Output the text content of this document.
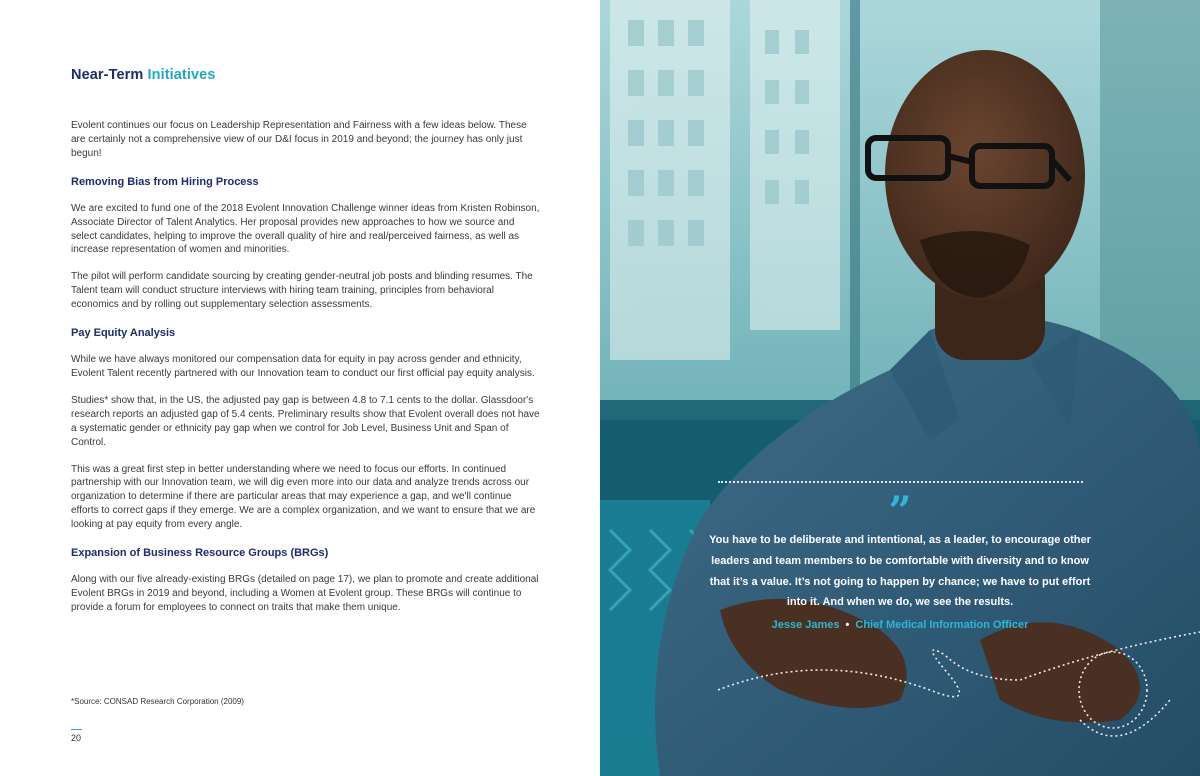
Near-Term Initiatives

Evolent continues our focus on Leadership Representation and Fairness with a few ideas below. These are certainly not a comprehensive view of our D&I focus in 2019 and beyond; the journey has only just begun!

Removing Bias from Hiring Process

We are excited to fund one of the 2018 Evolent Innovation Challenge winner ideas from Kristen Robinson, Associate Director of Talent Analytics. Her proposal provides new approaches to how we source and select candidates, helping to improve the overall quality of hire and real/perceived fairness, as well as increase representation of women and minorities.

The pilot will perform candidate sourcing by creating gender-neutral job posts and blinding resumes. The Talent team will conduct structure interviews with hiring team training, principles from behavioral economics and by rolling out supplementary selection assessments.

Pay Equity Analysis

While we have always monitored our compensation data for equity in pay across gender and ethnicity, Evolent Talent recently partnered with our Innovation team to conduct our first official pay equity analysis.

Studies* show that, in the US, the adjusted pay gap is between 4.8 to 7.1 cents to the dollar. Glassdoor's research reports an adjusted gap of 5.4 cents. Preliminary results show that Evolent overall does not have a systematic gender or ethnicity pay gap when we control for Job Level, Business Unit and Span of Control.

This was a great first step in better understanding where we need to focus our efforts. In continued partnership with our Innovation team, we will dig even more into our data and analyze trends across our organization to determine if there are particular areas that may experience a gap, and we'll continue efforts to correct gaps if they emerge. We are a complex organization, and we want to ensure that we are looking at pay equity from every angle.

Expansion of Business Resource Groups (BRGs)

Along with our five already-existing BRGs (detailed on page 17), we plan to promote and create additional Evolent BRGs in 2019 and beyond, including a Women at Evolent group. These BRGs will continue to provide a forum for employees to connect on traits that make them unique.

*Source: CONSAD Research Corporation (2009)

20

”

You have to be deliberate and intentional, as a leader, to encourage other leaders and team members to be comfortable with diversity and to know that it’s a value. It’s not going to happen by chance; we have to put effort into it. And when we do, we see the results.

Jesse James • Chief Medical Information Officer
